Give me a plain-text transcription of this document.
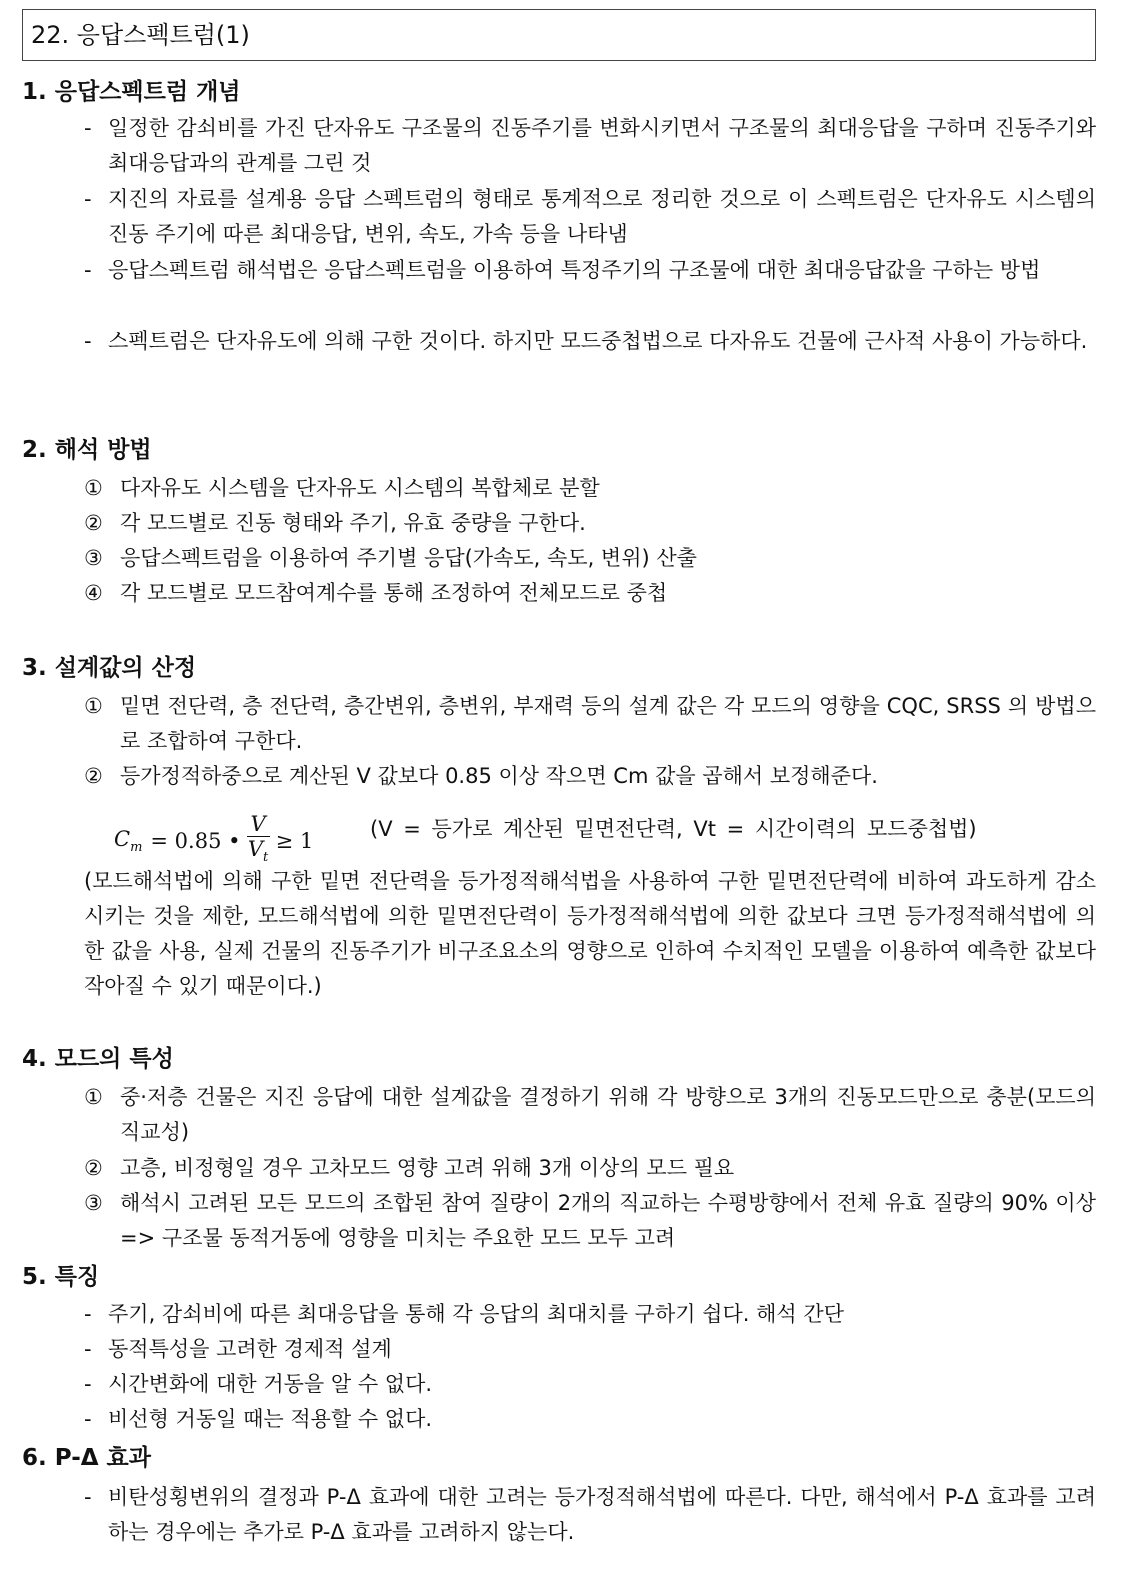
22. 응답스펙트럼(1)
1. 응답스펙트럼 개념
- 일정한 감쇠비를 가진 단자유도 구조물의 진동주기를 변화시키면서 구조물의 최대응답을 구하며 진동주기와 최대응답과의 관계를 그린 것
- 지진의 자료를 설계용 응답 스펙트럼의 형태로 통계적으로 정리한 것으로 이 스펙트럼은 단자유도 시스템의 진동 주기에 따른 최대응답, 변위, 속도, 가속 등을 나타냄
- 응답스펙트럼 해석법은 응답스펙트럼을 이용하여 특정주기의 구조물에 대한 최대응답값을 구하는 방법
- 스펙트럼은 단자유도에 의해 구한 것이다. 하지만 모드중첩법으로 다자유도 건물에 근사적 사용이 가능하다.
2. 해석 방법
① 다자유도 시스템을 단자유도 시스템의 복합체로 분할
② 각 모드별로 진동 형태와 주기, 유효 중량을 구한다.
③ 응답스펙트럼을 이용하여 주기별 응답(가속도, 속도, 변위) 산출
④ 각 모드별로 모드참여계수를 통해 조정하여 전체모드로 중첩
3. 설계값의 산정
① 밑면 전단력, 층 전단력, 층간변위, 층변위, 부재력 등의 설계 값은 각 모드의 영향을 CQC, SRSS 의 방법으로 조합하여 구한다.
② 등가정적하중으로 계산된 V 값보다 0.85 이상 작으면 Cm 값을 곱해서 보정해준다.
$C_m = 0.85$ • $\frac{V}{V_t} \ge 1$
(V = 등가로 계산된 밑면전단력, Vt = 시간이력의 모드중첩법)
(모드해석법에 의해 구한 밑면 전단력을 등가정적해석법을 사용하여 구한 밑면전단력에 비하여 과도하게 감소시키는 것을 제한, 모드해석법에 의한 밑면전단력이 등가정적해석법에 의한 값보다 크면 등가정적해석법에 의한 값을 사용, 실제 건물의 진동주기가 비구조요소의 영향으로 인하여 수치적인 모델을 이용하여 예측한 값보다 작아질 수 있기 때문이다.)
4. 모드의 특성
① 중·저층 건물은 지진 응답에 대한 설계값을 결정하기 위해 각 방향으로 3개의 진동모드만으로 충분(모드의 직교성)
② 고층, 비정형일 경우 고차모드 영향 고려 위해 3개 이상의 모드 필요
③ 해석시 고려된 모든 모드의 조합된 참여 질량이 2개의 직교하는 수평방향에서 전체 유효 질량의 90% 이상 => 구조물 동적거동에 영향을 미치는 주요한 모드 모두 고려
5. 특징
- 주기, 감쇠비에 따른 최대응답을 통해 각 응답의 최대치를 구하기 쉽다. 해석 간단
- 동적특성을 고려한 경제적 설계
- 시간변화에 대한 거동을 알 수 없다.
- 비선형 거동일 때는 적용할 수 없다.
6. P-Δ 효과
- 비탄성횡변위의 결정과 P-Δ 효과에 대한 고려는 등가정적해석법에 따른다. 다만, 해석에서 P-Δ 효과를 고려하는 경우에는 추가로 P-Δ 효과를 고려하지 않는다.
